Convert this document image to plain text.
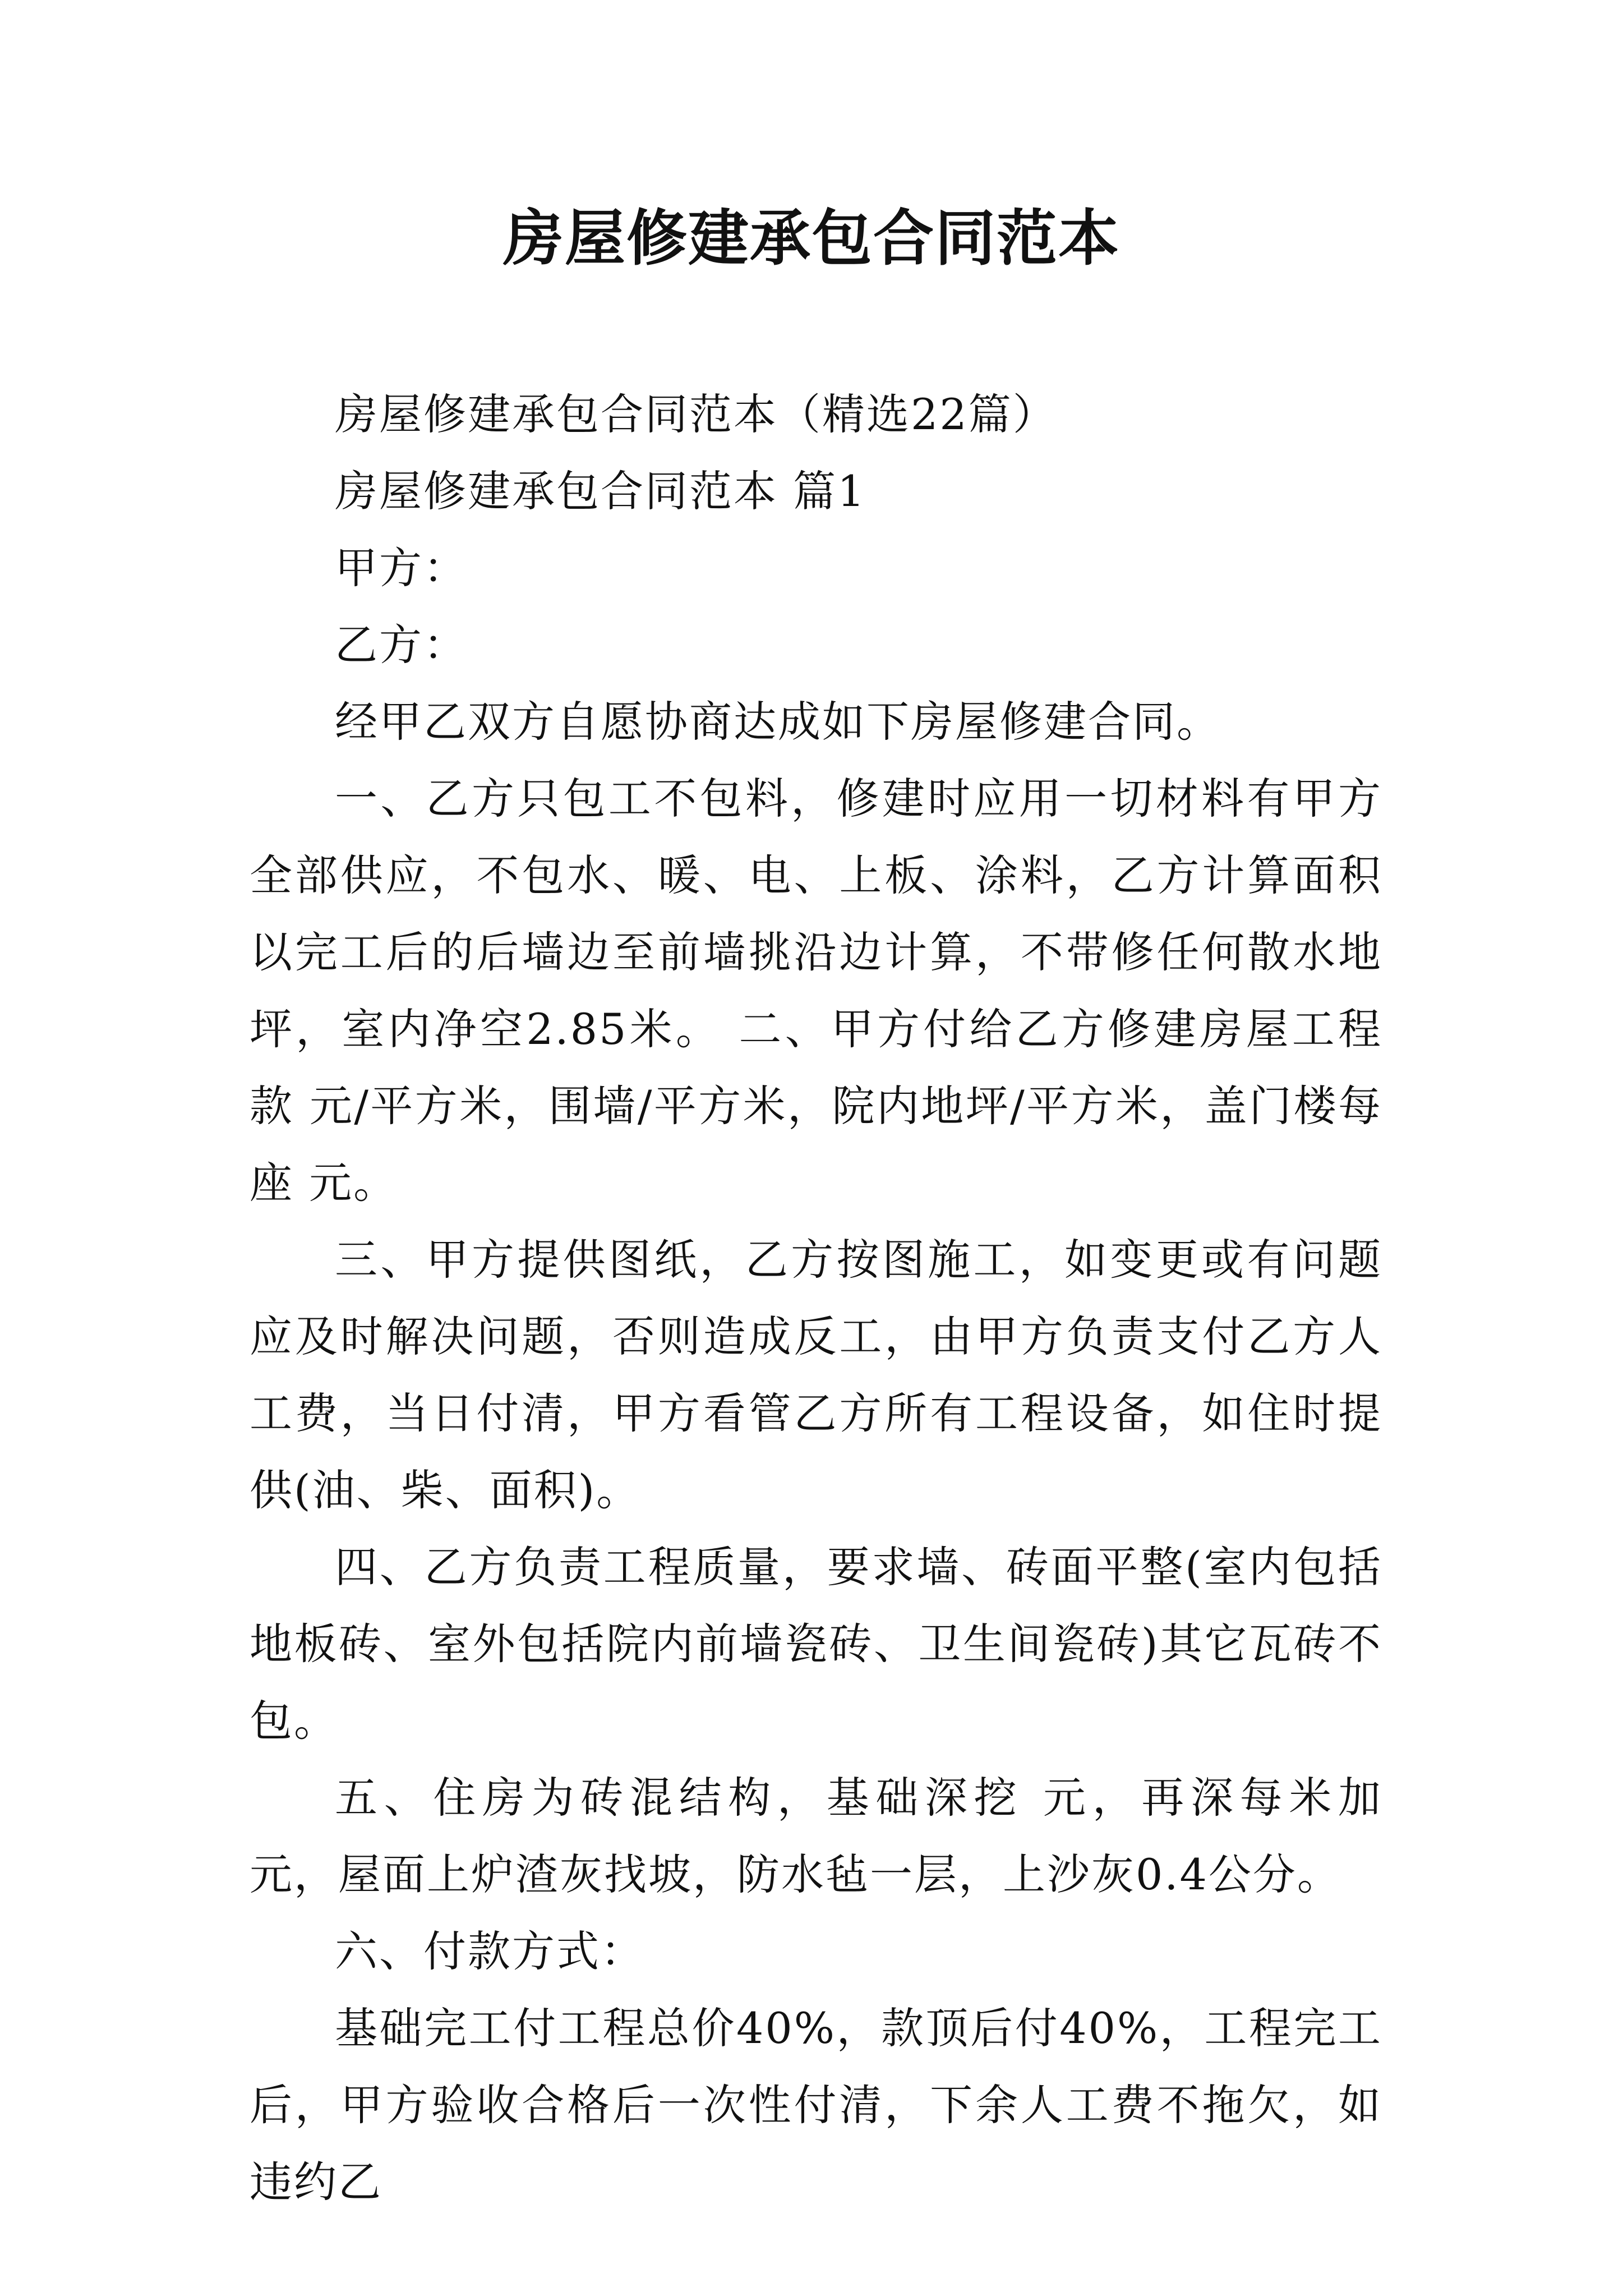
房屋修建承包合同范本

房屋修建承包合同范本（精选22篇）

房屋修建承包合同范本 篇1

甲方：

乙方：

经甲乙双方自愿协商达成如下房屋修建合同。

一、乙方只包工不包料，修建时应用一切材料有甲方全部供应，不包水、暖、电、上板、涂料，乙方计算面积以完工后的后墙边至前墙挑沿边计算，不带修任何散水地坪，室内净空2.85米。 二、甲方付给乙方修建房屋工程款 元/平方米，围墙/平方米，院内地坪/平方米，盖门楼每座 元。

三、甲方提供图纸，乙方按图施工，如变更或有问题应及时解决问题，否则造成反工，由甲方负责支付乙方人工费，当日付清，甲方看管乙方所有工程设备，如住时提供(油、柴、面积)。

四、乙方负责工程质量，要求墙、砖面平整(室内包括地板砖、室外包括院内前墙瓷砖、卫生间瓷砖)其它瓦砖不包。

五、住房为砖混结构，基础深挖 元，再深每米加 元，屋面上炉渣灰找坡，防水毡一层，上沙灰0.4公分。

六、付款方式：

基础完工付工程总价40%，款顶后付40%，工程完工后，甲方验收合格后一次性付清，下余人工费不拖欠，如违约乙
